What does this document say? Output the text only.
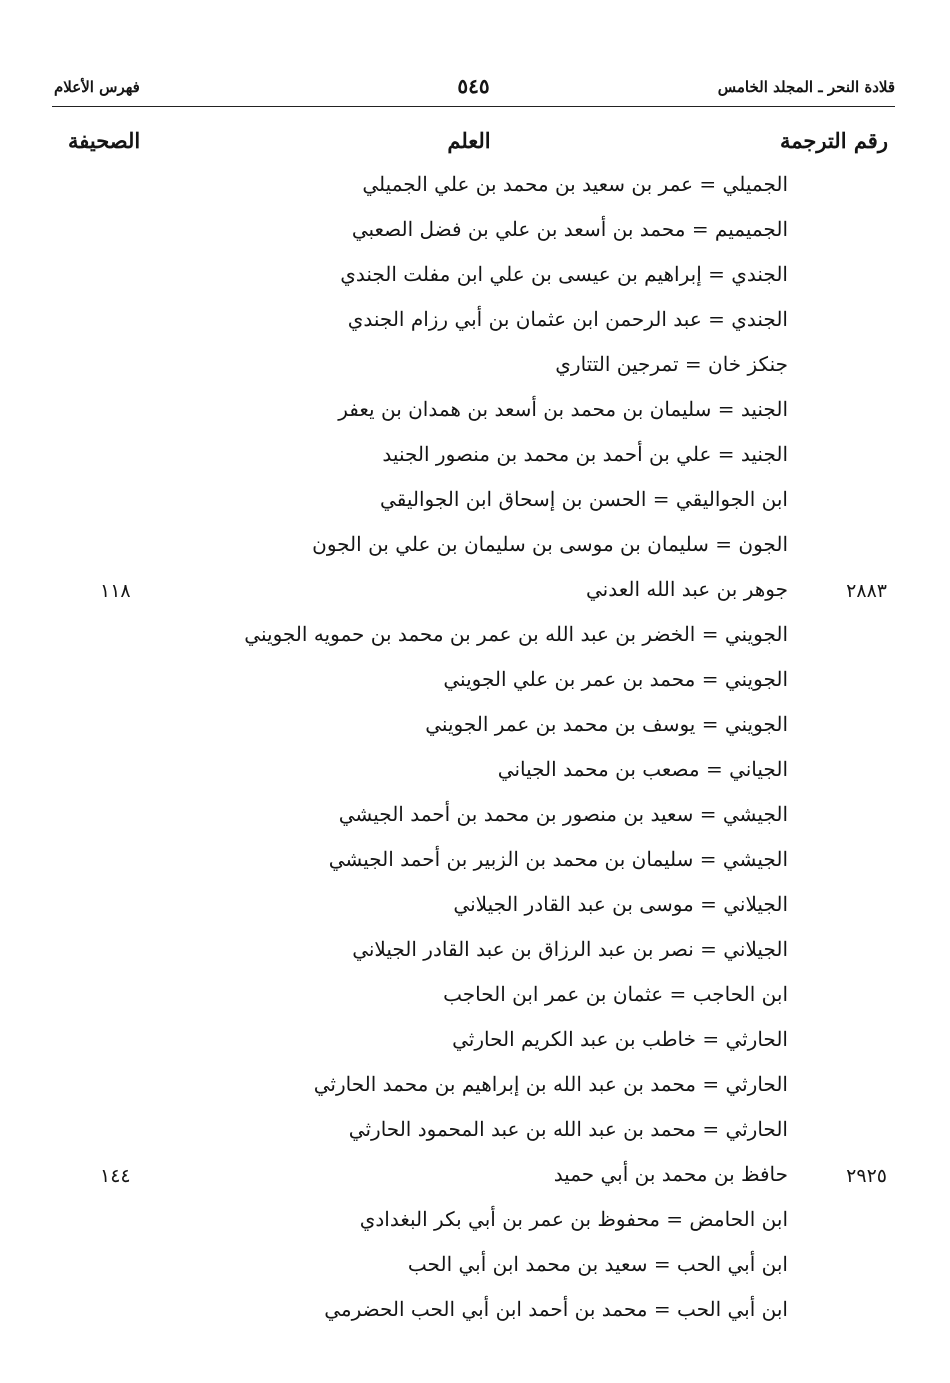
قلادة النحر ـ المجلد الخامس
٥٤٥
فهرس الأعلام
رقم الترجمة
العلم
الصحيفة
الجميلي = عمر بن سعيد بن محمد بن علي الجميلي
الجميميم = محمد بن أسعد بن علي بن فضل الصعبي
الجندي = إبراهيم بن عيسى بن علي ابن مفلت الجندي
الجندي = عبد الرحمن ابن عثمان بن أبي رزام الجندي
جنكز خان = تمرجين التتاري
الجنيد = سليمان بن محمد بن أسعد بن همدان بن يعفر
الجنيد = علي بن أحمد بن محمد بن منصور الجنيد
ابن الجواليقي = الحسن بن إسحاق ابن الجواليقي
الجون = سليمان بن موسى بن سليمان بن علي بن الجون
٢٨٨٣
جوهر بن عبد الله العدني
١١٨
الجويني = الخضر بن عبد الله بن عمر بن محمد بن حمويه الجويني
الجويني = محمد بن عمر بن علي الجويني
الجويني = يوسف بن محمد بن عمر الجويني
الجياني = مصعب بن محمد الجياني
الجيشي = سعيد بن منصور بن محمد بن أحمد الجيشي
الجيشي = سليمان بن محمد بن الزبير بن أحمد الجيشي
الجيلاني = موسى بن عبد القادر الجيلاني
الجيلاني = نصر بن عبد الرزاق بن عبد القادر الجيلاني
ابن الحاجب = عثمان بن عمر ابن الحاجب
الحارثي = خاطب بن عبد الكريم الحارثي
الحارثي = محمد بن عبد الله بن إبراهيم بن محمد الحارثي
الحارثي = محمد بن عبد الله بن عبد المحمود الحارثي
٢٩٢٥
حافظ بن محمد بن أبي حميد
١٤٤
ابن الحامض = محفوظ بن عمر بن أبي بكر البغدادي
ابن أبي الحب = سعيد بن محمد ابن أبي الحب
ابن أبي الحب = محمد بن أحمد ابن أبي الحب الحضرمي
